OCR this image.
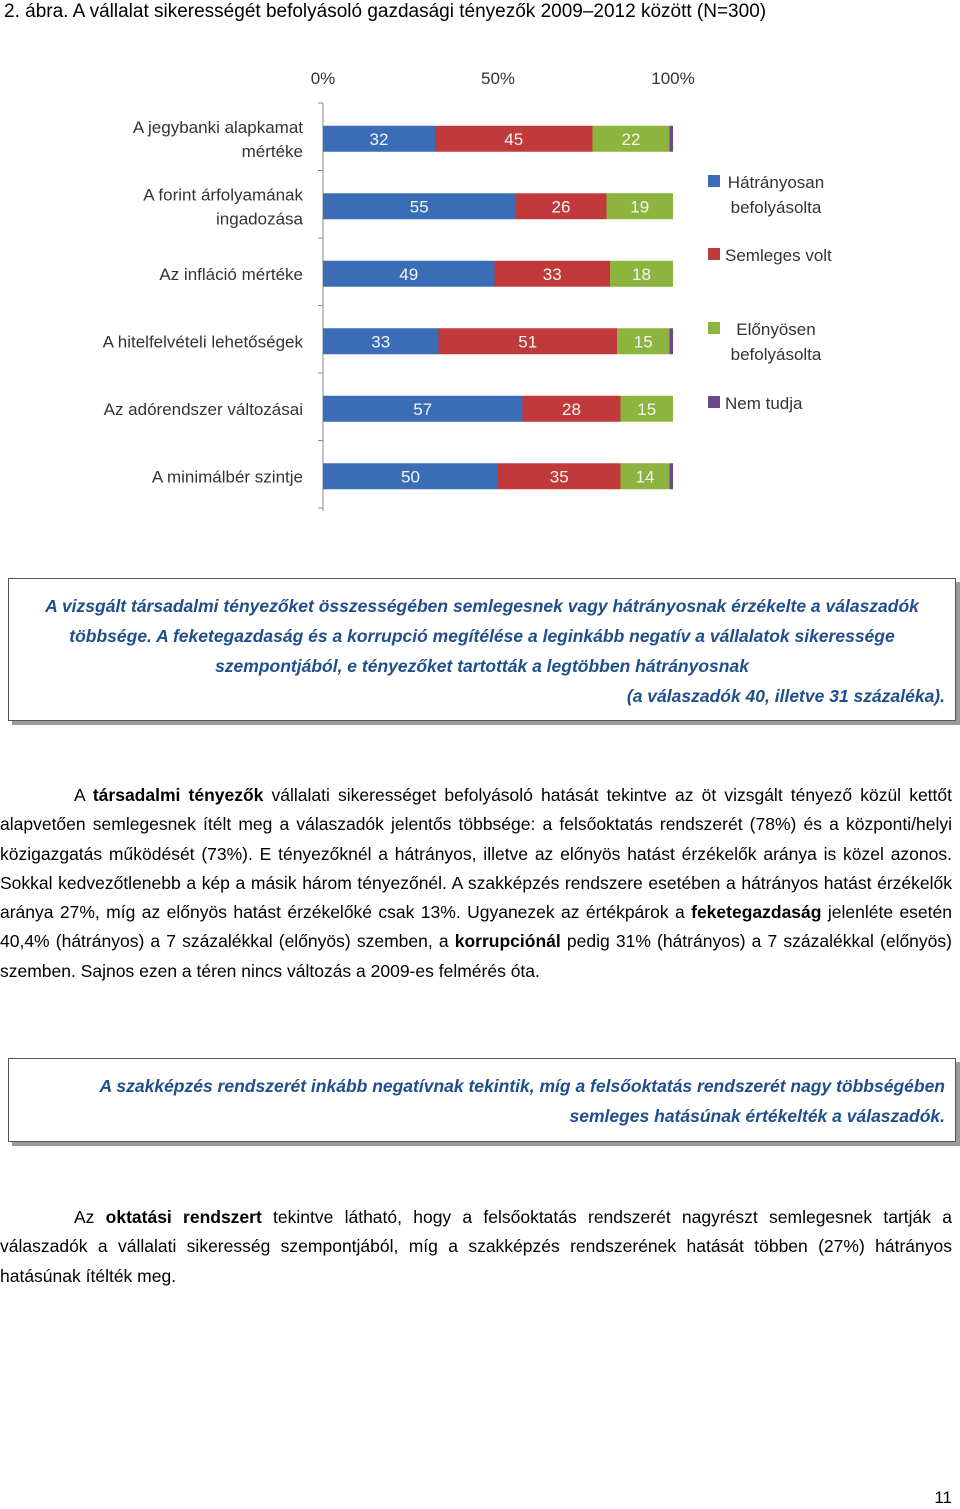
2. ábra. A vállalat sikerességét befolyásoló gazdasági tényezők 2009–2012 között (N=300)
0%	50%	100%
32	45	22
A jegybanki alapkamat
mértéke
55	26	19
A forint árfolyamának
ingadozása
49	33	18
Az infláció mértéke
33	51	15
A hitelfelvételi lehetőségek
57	28	15
Az adórendszer változásai
50	35	14
A minimálbér szintje
Hátrányosan
befolyásolta
Semleges volt
Előnyösen
befolyásolta
Nem tudja

A vizsgált társadalmi tényezőket összességében semlegesnek vagy hátrányosnak érzékelte a válaszadók többsége. A feketegazdaság és a korrupció megítélése a leginkább negatív a vállalatok sikeressége szempontjából, e tényezőket tartották a legtöbben hátrányosnak
(a válaszadók 40, illetve 31 százaléka).

A társadalmi tényezők vállalati sikerességet befolyásoló hatását tekintve az öt vizsgált tényező közül kettőt alapvetően semlegesnek ítélt meg a válaszadók jelentős többsége: a felsőoktatás rendszerét (78%) és a központi/helyi közigazgatás működését (73%). E tényezőknél a hátrányos, illetve az előnyös hatást érzékelők aránya is közel azonos. Sokkal kedvezőtlenebb a kép a másik három tényezőnél. A szakképzés rendszere esetében a hátrányos hatást érzékelők aránya 27%, míg az előnyös hatást érzékelőké csak 13%. Ugyanezek az értékpárok a feketegazdaság jelenléte esetén 40,4% (hátrányos) a 7 százalékkal (előnyös) szemben, a korrupciónál pedig 31% (hátrányos) a 7 százalékkal (előnyös) szemben. Sajnos ezen a téren nincs változás a 2009-es felmérés óta.

A szakképzés rendszerét inkább negatívnak tekintik, míg a felsőoktatás rendszerét nagy többségében semleges hatásúnak értékelték a válaszadók.

Az oktatási rendszert tekintve látható, hogy a felsőoktatás rendszerét nagyrészt semlegesnek tartják a válaszadók a vállalati sikeresség szempontjából, míg a szakképzés rendszerének hatását többen (27%) hátrányos hatásúnak ítélték meg.

11
